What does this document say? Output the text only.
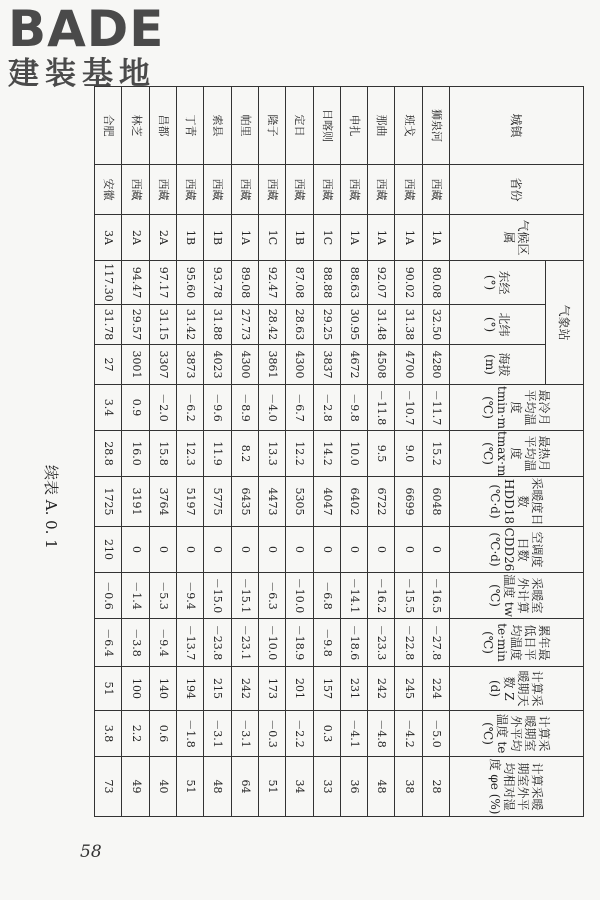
BADE
建装基地
续表 A. 0. 1
城镇	省份	气候区属	气象站			最冷月平均温度 tmin·m (℃)	最热月平均温度 tmax·m (℃)	采暖度日数 HDD18 (℃·d)	空调度日数 CDD26 (℃·d)	采暖室外计算温度 tw (℃)	累年最低日平均温度 te·min (℃)	计算采暖期天数 Z (d)	计算采暖期室外平均温度 te (℃)	计算采暖期室外平均相对湿度 φe (%)
			东经 (°)	北纬 (°)	海拔 (m)									
狮泉河	西藏	1A	80.08	32.50	4280	－11.7	15.2	6048	0	－16.5	－27.8	224	－5.0	28
班戈	西藏	1A	90.02	31.38	4700	－10.7	9.0	6699	0	－15.5	－22.8	245	－4.2	38
那曲	西藏	1A	92.07	31.48	4508	－11.8	9.5	6722	0	－16.2	－23.3	242	－4.8	48
申扎	西藏	1A	88.63	30.95	4672	－9.8	10.0	6402	0	－14.1	－18.6	231	－4.1	36
日喀则	西藏	1C	88.88	29.25	3837	－2.8	14.2	4047	0	－6.8	－9.8	157	0.3	33
定日	西藏	1B	87.08	28.63	4300	－6.7	12.2	5305	0	－10.0	－18.9	201	－2.2	34
隆子	西藏	1C	92.47	28.42	3861	－4.0	13.3	4473	0	－6.3	－10.0	173	－0.3	51
帕里	西藏	1A	89.08	27.73	4300	－8.9	8.2	6435	0	－15.1	－23.1	242	－3.1	64
索县	西藏	1B	93.78	31.88	4023	－9.6	11.9	5775	0	－15.0	－23.8	215	－3.1	48
丁青	西藏	1B	95.60	31.42	3873	－6.2	12.3	5197	0	－9.4	－13.7	194	－1.8	51
昌都	西藏	2A	97.17	31.15	3307	－2.0	15.8	3764	0	－5.3	－9.4	140	0.6	40
林芝	西藏	2A	94.47	29.57	3001	0.9	16.0	3191	0	－1.4	－3.8	100	2.2	49
合肥	安徽	3A	117.30	31.78	27	3.4	28.8	1725	210	－0.6	－6.4	51	3.8	73
58
